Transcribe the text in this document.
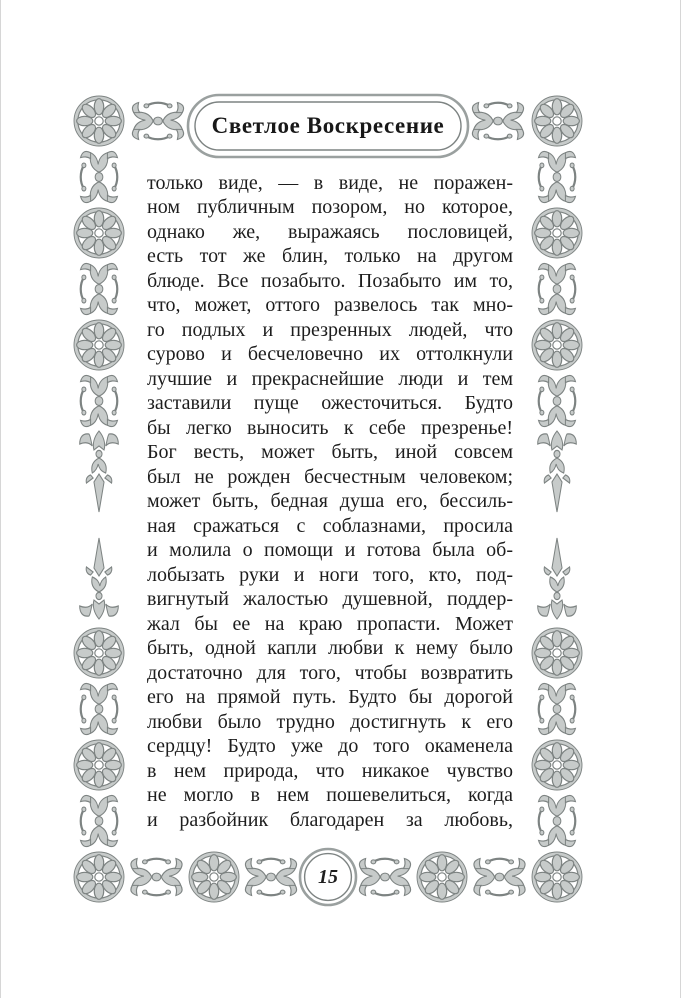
Светлое Воскресение
только виде, — в виде, не поражен-
ном публичным позором, но которое,
однако же, выражаясь пословицей,
есть тот же блин, только на другом
блюде. Все позабыто. Позабыто им то,
что, может, оттого развелось так мно-
го подлых и презренных людей, что
сурово и бесчеловечно их оттолкнули
лучшие и прекраснейшие люди и тем
заставили пуще ожесточиться. Будто
бы легко выносить к себе презренье!
Бог весть, может быть, иной совсем
был не рожден бесчестным человеком;
может быть, бедная душа его, бессиль-
ная сражаться с соблазнами, просила
и молила о помощи и готова была об-
лобызать руки и ноги того, кто, под-
вигнутый жалостью душевной, поддер-
жал бы ее на краю пропасти. Может
быть, одной капли любви к нему было
достаточно для того, чтобы возвратить
его на прямой путь. Будто бы дорогой
любви было трудно достигнуть к его
сердцу! Будто уже до того окаменела
в нем природа, что никакое чувство
не могло в нем пошевелиться, когда
и разбойник благодарен за любовь,
15
